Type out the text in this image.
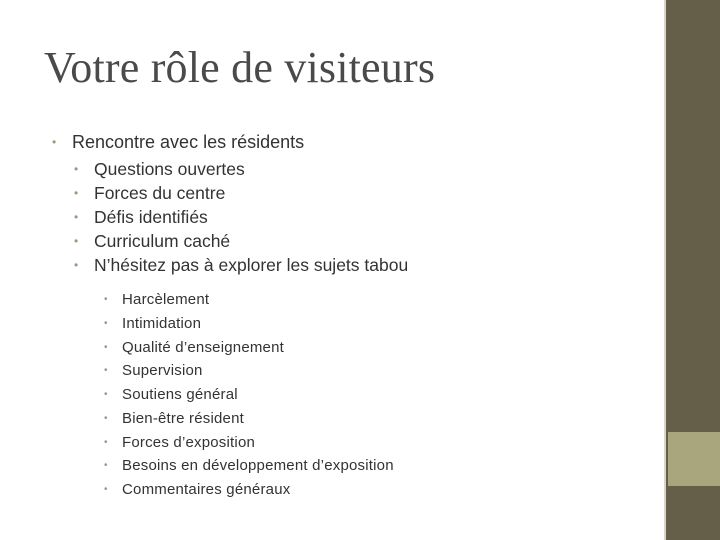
Votre rôle de visiteurs
• Rencontre avec les résidents
• Questions ouvertes
• Forces du centre
• Défis identifiés
• Curriculum caché
• N’hésitez pas à explorer les sujets tabou
• Harcèlement
• Intimidation
• Qualité d’enseignement
• Supervision
• Soutiens général
• Bien-être résident
• Forces d’exposition
• Besoins en développement d’exposition
• Commentaires généraux
